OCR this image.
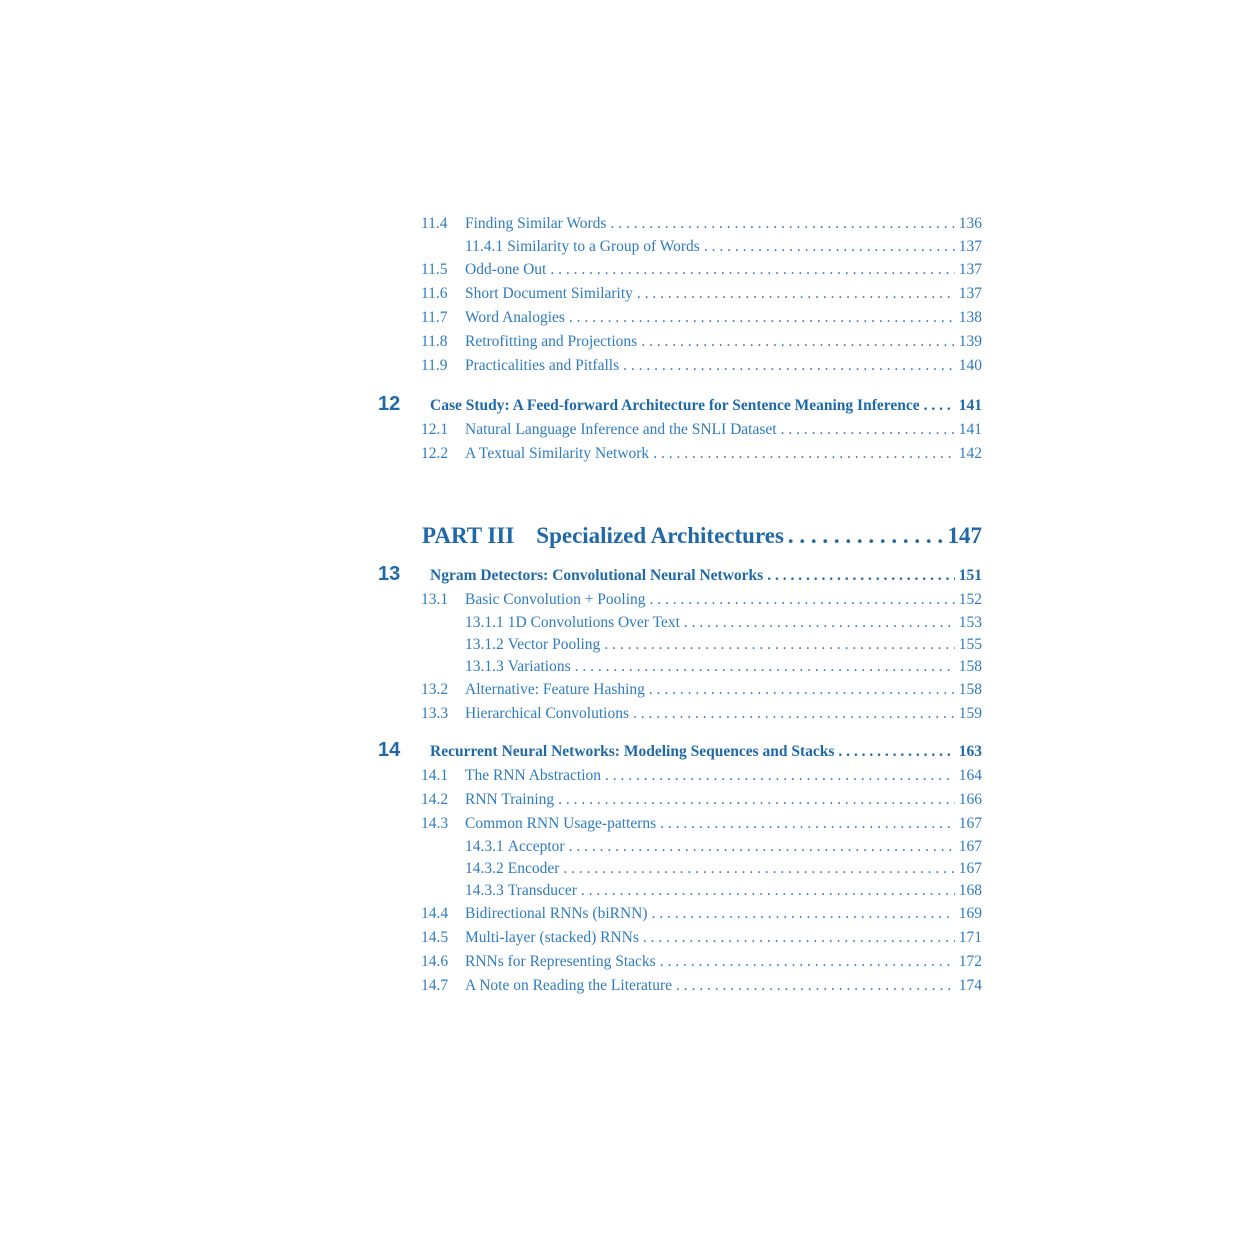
11.4	Finding Similar Words . . .	136
11.4.1 Similarity to a Group of Words . . .	137
11.5	Odd-one Out . . .	137
11.6	Short Document Similarity . . .	137
11.7	Word Analogies . . .	138
11.8	Retrofitting and Projections . . .	139
11.9	Practicalities and Pitfalls . . .	140
12	Case Study: A Feed-forward Architecture for Sentence Meaning Inference . . .	141
12.1	Natural Language Inference and the SNLI Dataset . . .	141
12.2	A Textual Similarity Network . . .	142
PART III Specialized Architectures . . .	147
13	Ngram Detectors: Convolutional Neural Networks . . .	151
13.1	Basic Convolution + Pooling . . .	152
13.1.1 1D Convolutions Over Text . . .	153
13.1.2 Vector Pooling . . .	155
13.1.3 Variations . . .	158
13.2	Alternative: Feature Hashing . . .	158
13.3	Hierarchical Convolutions . . .	159
14	Recurrent Neural Networks: Modeling Sequences and Stacks . . .	163
14.1	The RNN Abstraction . . .	164
14.2	RNN Training . . .	166
14.3	Common RNN Usage-patterns . . .	167
14.3.1 Acceptor . . .	167
14.3.2 Encoder . . .	167
14.3.3 Transducer . . .	168
14.4	Bidirectional RNNs (biRNN) . . .	169
14.5	Multi-layer (stacked) RNNs . . .	171
14.6	RNNs for Representing Stacks . . .	172
14.7	A Note on Reading the Literature . . .	174
